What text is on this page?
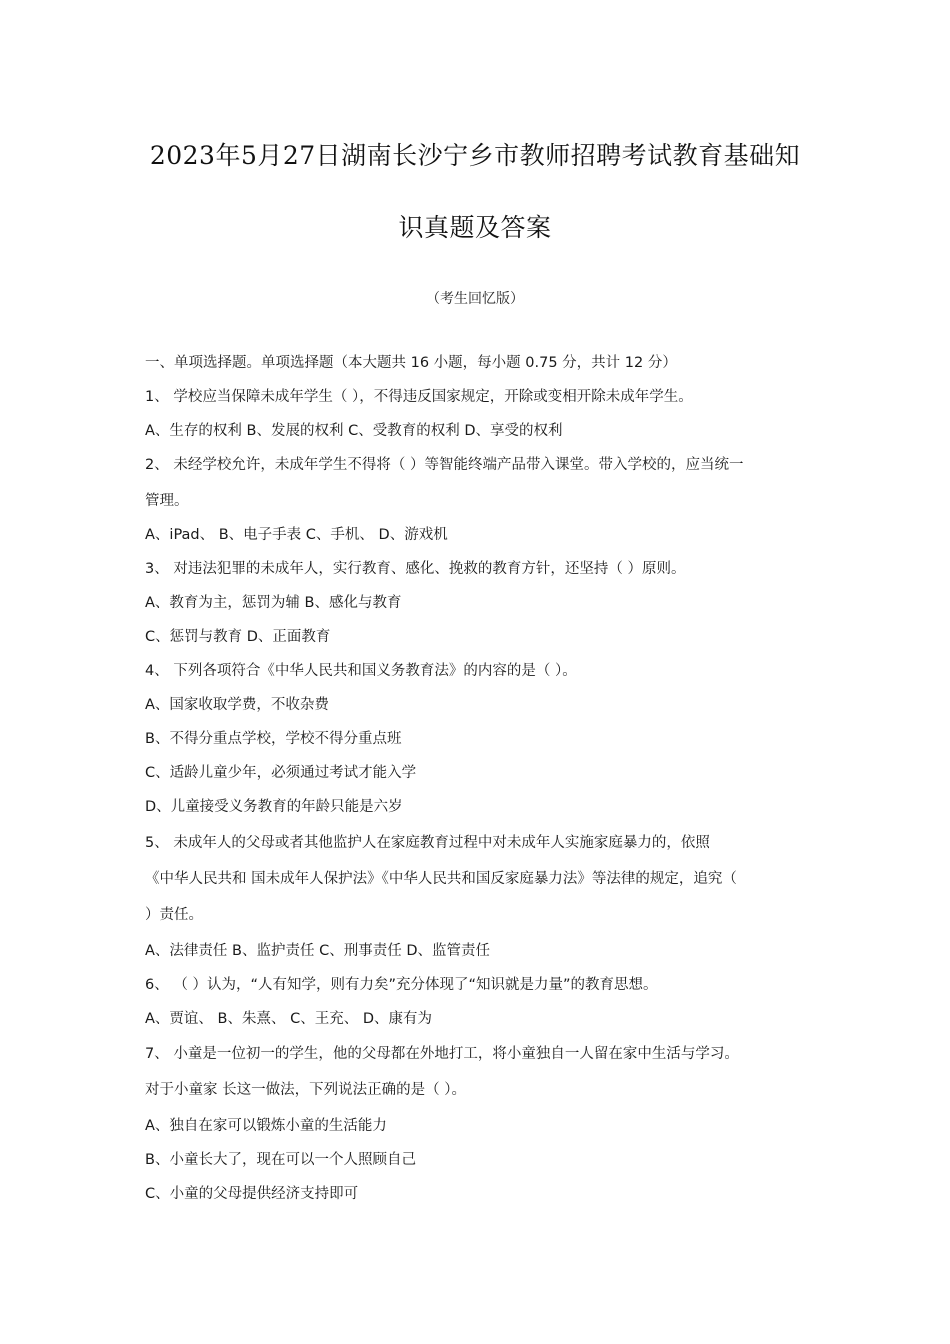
2023年5月27日湖南长沙宁乡市教师招聘考试教育基础知
识真题及答案
（考生回忆版）
一、单项选择题。单项选择题（本大题共 16 小题，每小题 0.75 分，共计 12 分）
1、 学校应当保障未成年学生（ ），不得违反国家规定，开除或变相开除未成年学生。
A、生存的权利 B、发展的权利 C、受教育的权利 D、享受的权利
2、 未经学校允许，未成年学生不得将（ ）等智能终端产品带入课堂。带入学校的，应当统一
管理。
A、iPad、 B、电子手表 C、手机、 D、游戏机
3、 对违法犯罪的未成年人，实行教育、感化、挽救的教育方针，还坚持（ ）原则。
A、教育为主，惩罚为辅 B、感化与教育
C、惩罚与教育 D、正面教育
4、 下列各项符合《中华人民共和国义务教育法》的内容的是（ ）。
A、国家收取学费，不收杂费
B、不得分重点学校，学校不得分重点班
C、适龄儿童少年，必须通过考试才能入学
D、儿童接受义务教育的年龄只能是六岁
5、 未成年人的父母或者其他监护人在家庭教育过程中对未成年人实施家庭暴力的，依照
《中华人民共和 国未成年人保护法》《中华人民共和国反家庭暴力法》等法律的规定，追究（
）责任。
A、法律责任 B、监护责任 C、刑事责任 D、监管责任
6、 （ ）认为，“人有知学，则有力矣”充分体现了“知识就是力量”的教育思想。
A、贾谊、 B、朱熹、 C、王充、 D、康有为
7、 小童是一位初一的学生，他的父母都在外地打工，将小童独自一人留在家中生活与学习。
对于小童家 长这一做法，下列说法正确的是（ ）。
A、独自在家可以锻炼小童的生活能力
B、小童长大了，现在可以一个人照顾自己
C、小童的父母提供经济支持即可
